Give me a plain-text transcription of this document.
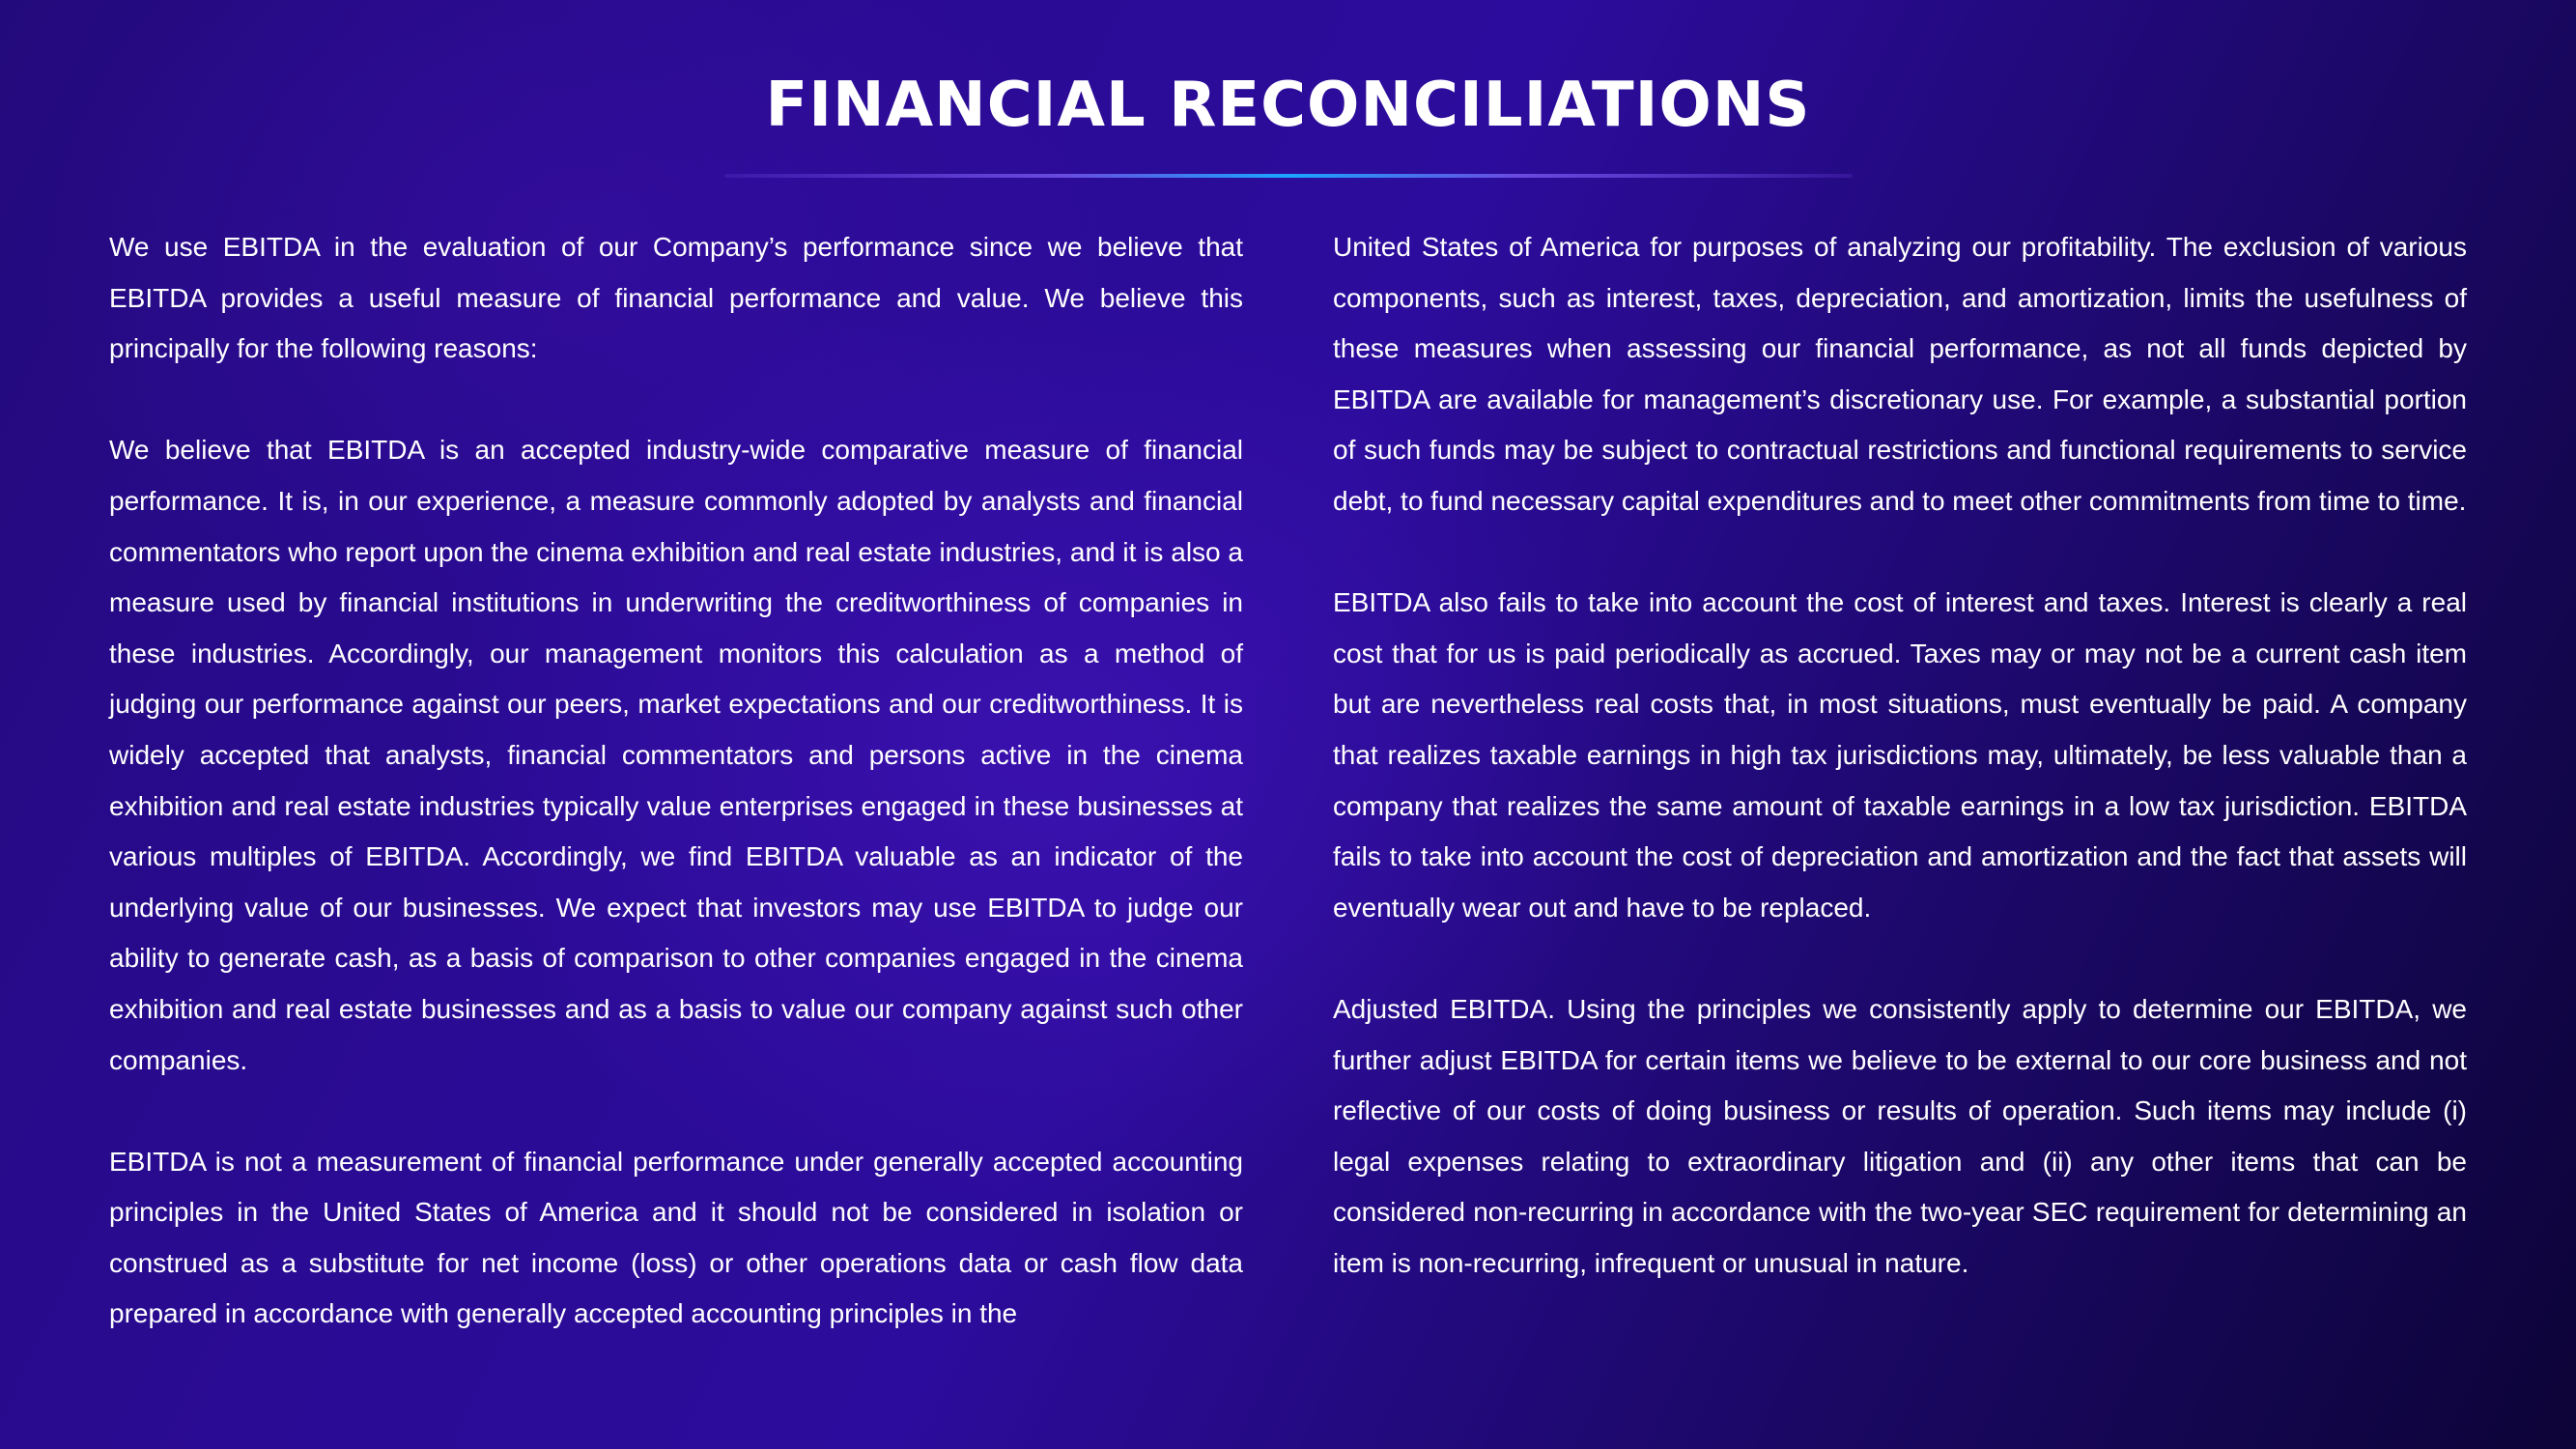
FINANCIAL RECONCILIATIONS

We use EBITDA in the evaluation of our Company’s performance since we believe that EBITDA provides a useful measure of financial performance and value. We believe this principally for the following reasons:

We believe that EBITDA is an accepted industry-wide comparative measure of financial performance. It is, in our experience, a measure commonly adopted by analysts and financial commentators who report upon the cinema exhibition and real estate industries, and it is also a measure used by financial institutions in underwriting the creditworthiness of companies in these industries. Accordingly, our management monitors this calculation as a method of judging our performance against our peers, market expectations and our creditworthiness. It is widely accepted that analysts, financial commentators and persons active in the cinema exhibition and real estate industries typically value enterprises engaged in these businesses at various multiples of EBITDA. Accordingly, we find EBITDA valuable as an indicator of the underlying value of our businesses. We expect that investors may use EBITDA to judge our ability to generate cash, as a basis of comparison to other companies engaged in the cinema exhibition and real estate businesses and as a basis to value our company against such other companies.

EBITDA is not a measurement of financial performance under generally accepted accounting principles in the United States of America and it should not be considered in isolation or construed as a substitute for net income (loss) or other operations data or cash flow data prepared in accordance with generally accepted accounting principles in the

United States of America for purposes of analyzing our profitability. The exclusion of various components, such as interest, taxes, depreciation, and amortization, limits the usefulness of these measures when assessing our financial performance, as not all funds depicted by EBITDA are available for management’s discretionary use. For example, a substantial portion of such funds may be subject to contractual restrictions and functional requirements to service debt, to fund necessary capital expenditures and to meet other commitments from time to time.

EBITDA also fails to take into account the cost of interest and taxes. Interest is clearly a real cost that for us is paid periodically as accrued. Taxes may or may not be a current cash item but are nevertheless real costs that, in most situations, must eventually be paid. A company that realizes taxable earnings in high tax jurisdictions may, ultimately, be less valuable than a company that realizes the same amount of taxable earnings in a low tax jurisdiction. EBITDA fails to take into account the cost of depreciation and amortization and the fact that assets will eventually wear out and have to be replaced.

Adjusted EBITDA. Using the principles we consistently apply to determine our EBITDA, we further adjust EBITDA for certain items we believe to be external to our core business and not reflective of our costs of doing business or results of operation. Such items may include (i) legal expenses relating to extraordinary litigation and (ii) any other items that can be considered non-recurring in accordance with the two-year SEC requirement for determining an item is non-recurring, infrequent or unusual in nature.
